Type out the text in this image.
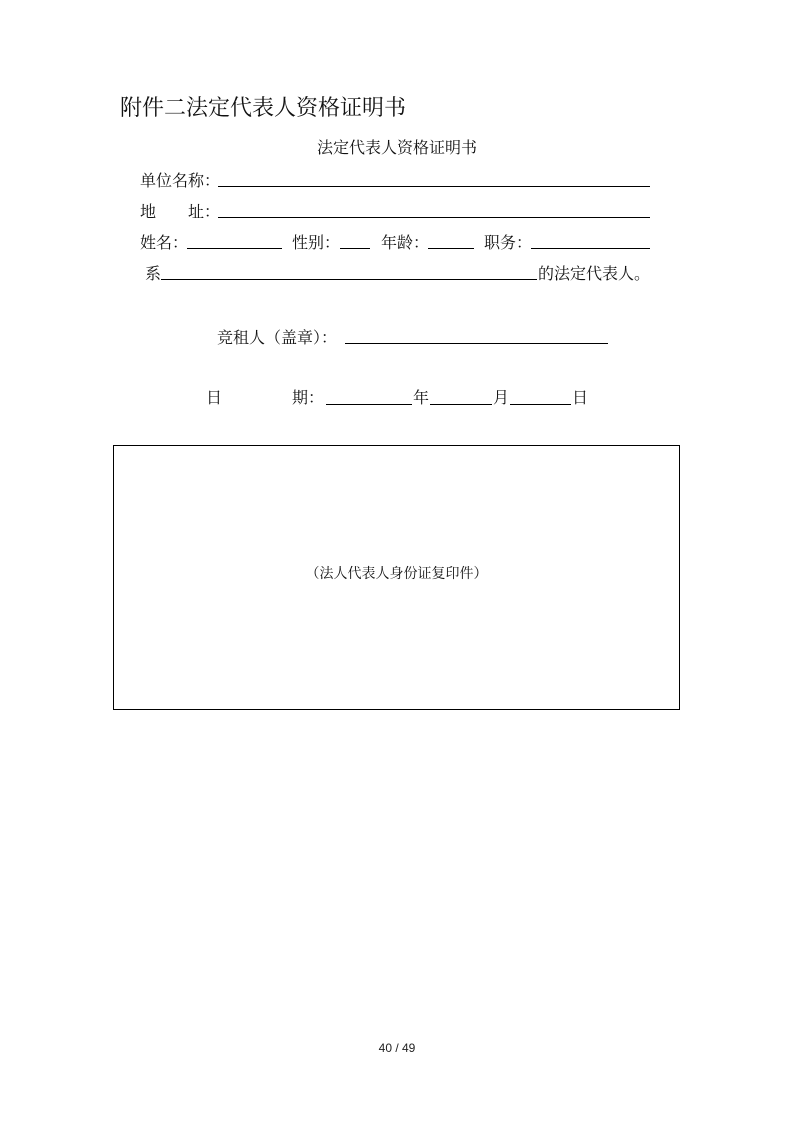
附件二法定代表人资格证明书
法定代表人资格证明书
单位名称：
地　　址：
姓名：	性别：	年龄：	职务：
系	的法定代表人。
竞租人（盖章）：
日	期：	年	月	日
（法人代表人身份证复印件）
40 / 49
